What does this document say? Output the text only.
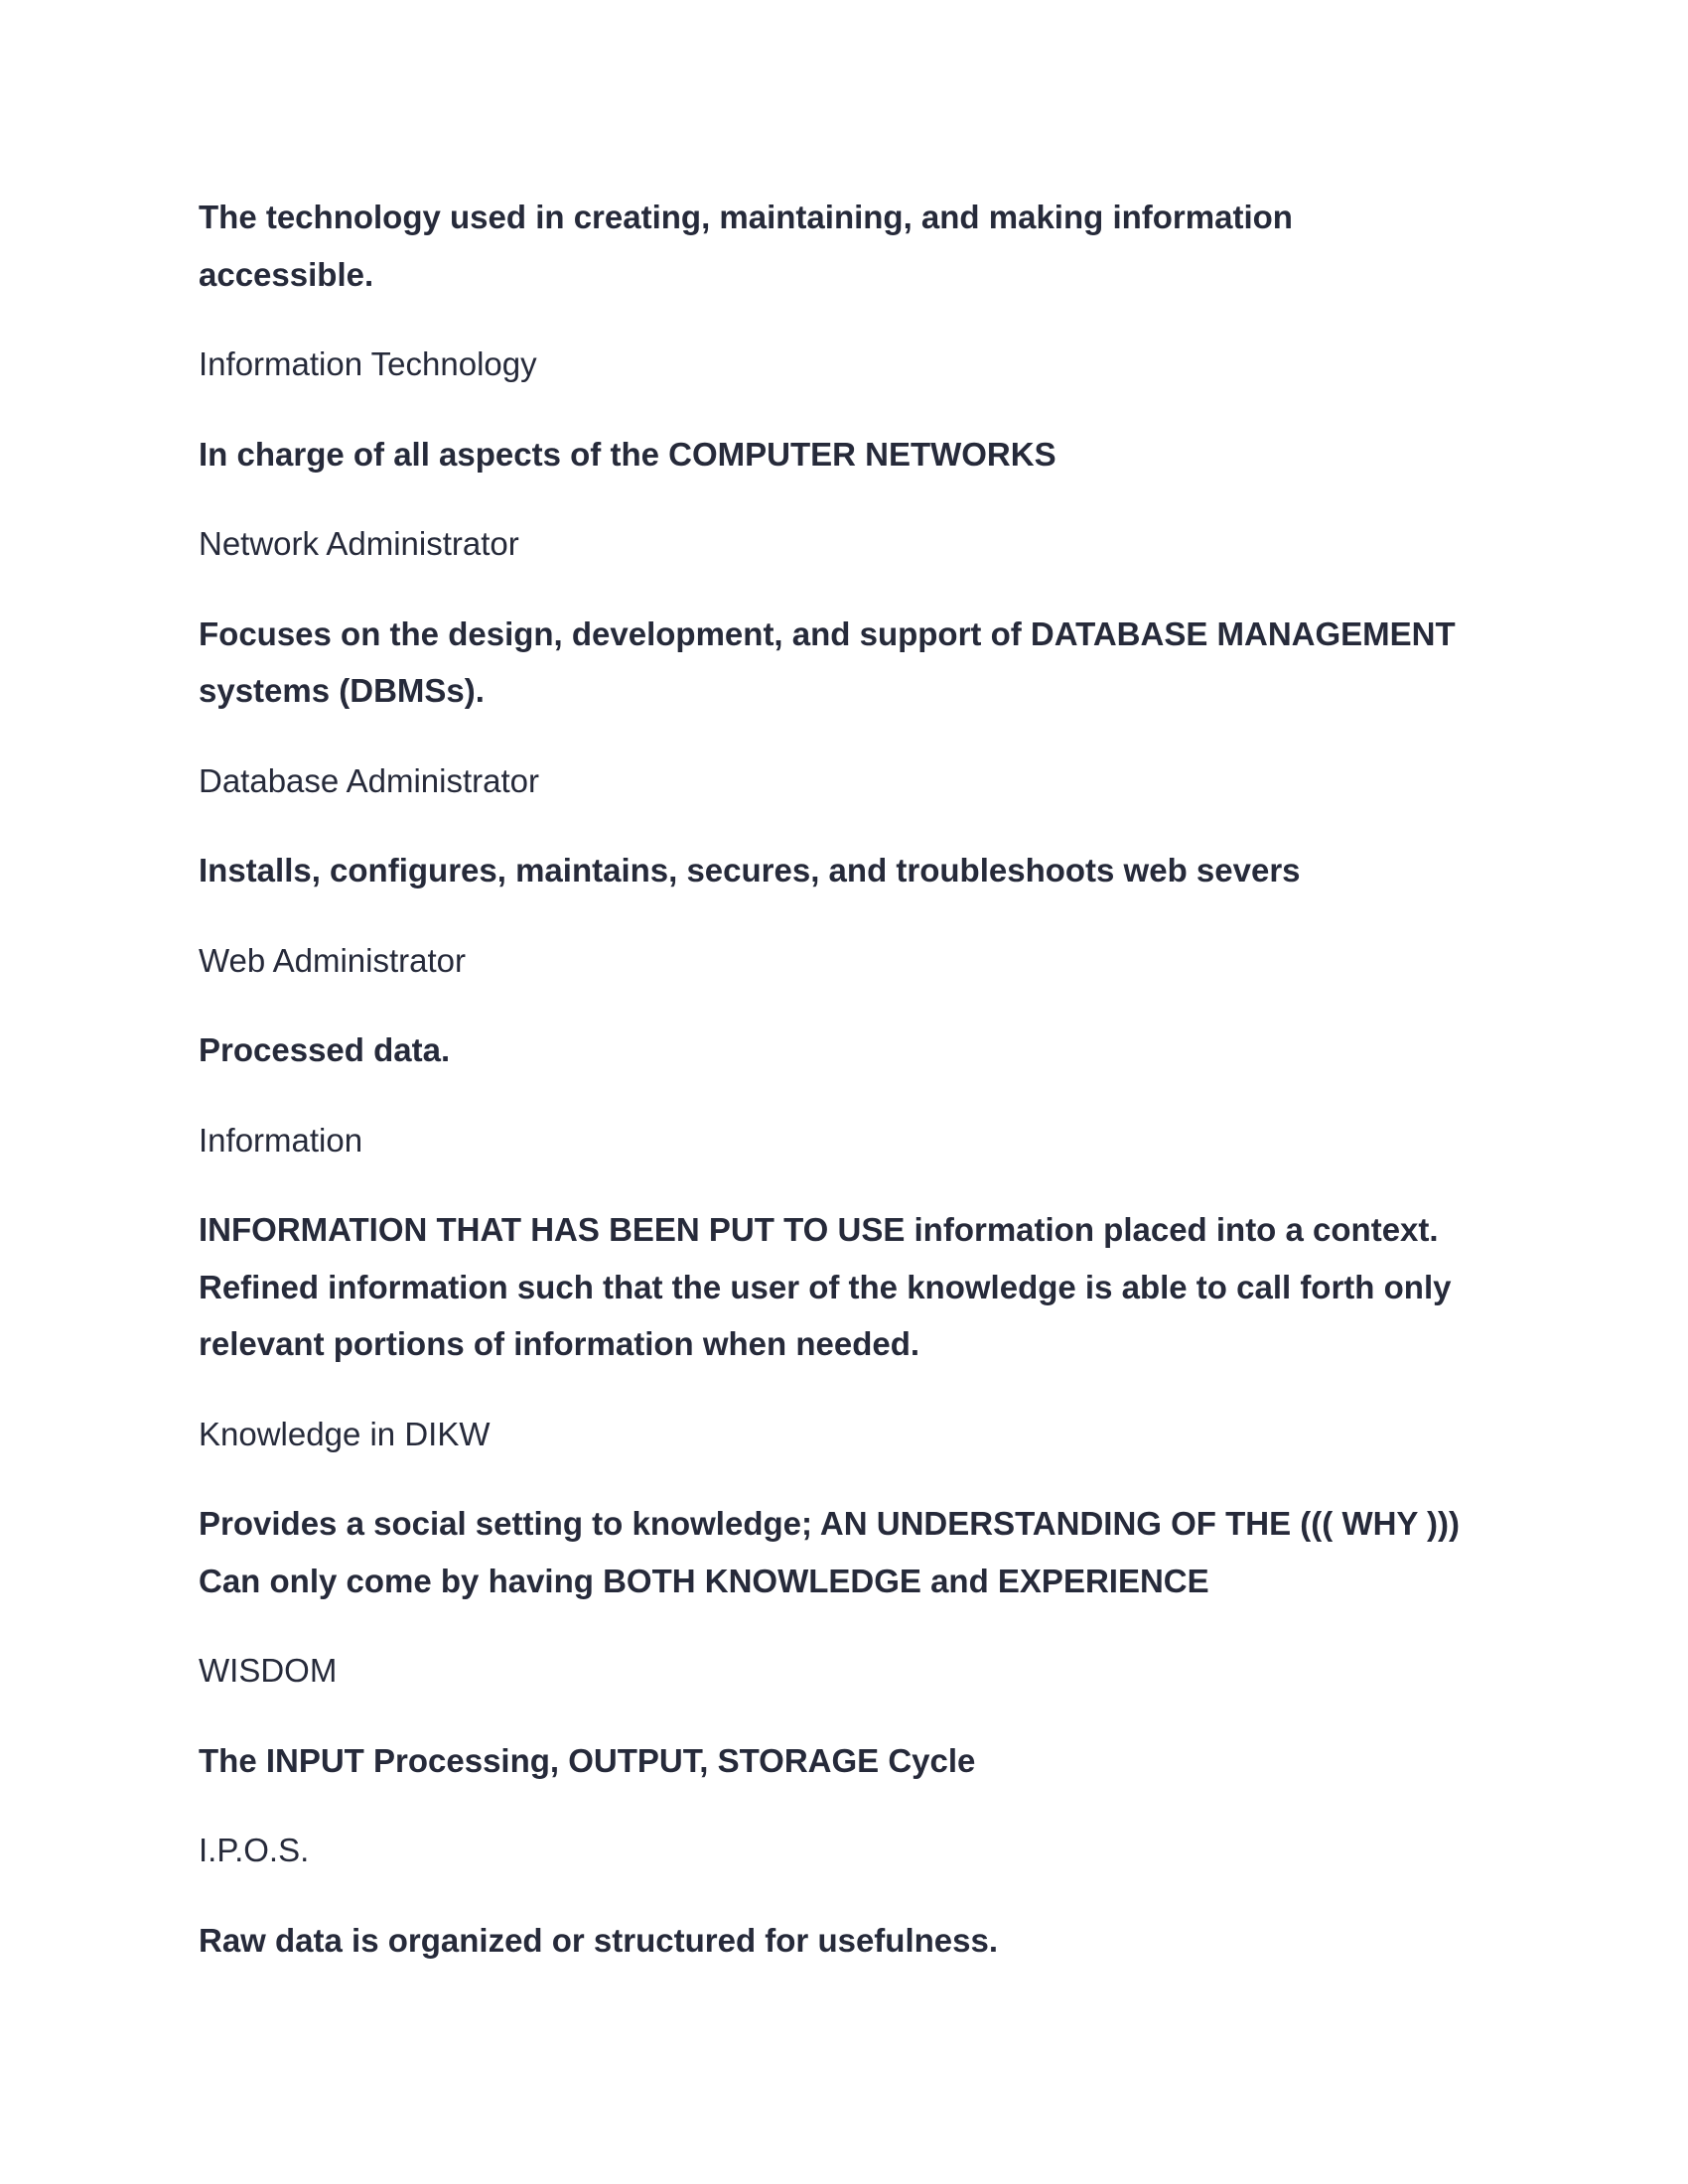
The technology used in creating, maintaining, and making information
accessible.

Information Technology

In charge of all aspects of the COMPUTER NETWORKS

Network Administrator

Focuses on the design, development, and support of DATABASE MANAGEMENT
systems (DBMSs).

Database Administrator

Installs, configures, maintains, secures, and troubleshoots web severs

Web Administrator

Processed data.

Information

INFORMATION THAT HAS BEEN PUT TO USE information placed into a context.
Refined information such that the user of the knowledge is able to call forth only
relevant portions of information when needed.

Knowledge in DIKW

Provides a social setting to knowledge; AN UNDERSTANDING OF THE ((( WHY )))
Can only come by having BOTH KNOWLEDGE and EXPERIENCE

WISDOM

The INPUT Processing, OUTPUT, STORAGE Cycle

I.P.O.S.

Raw data is organized or structured for usefulness.
